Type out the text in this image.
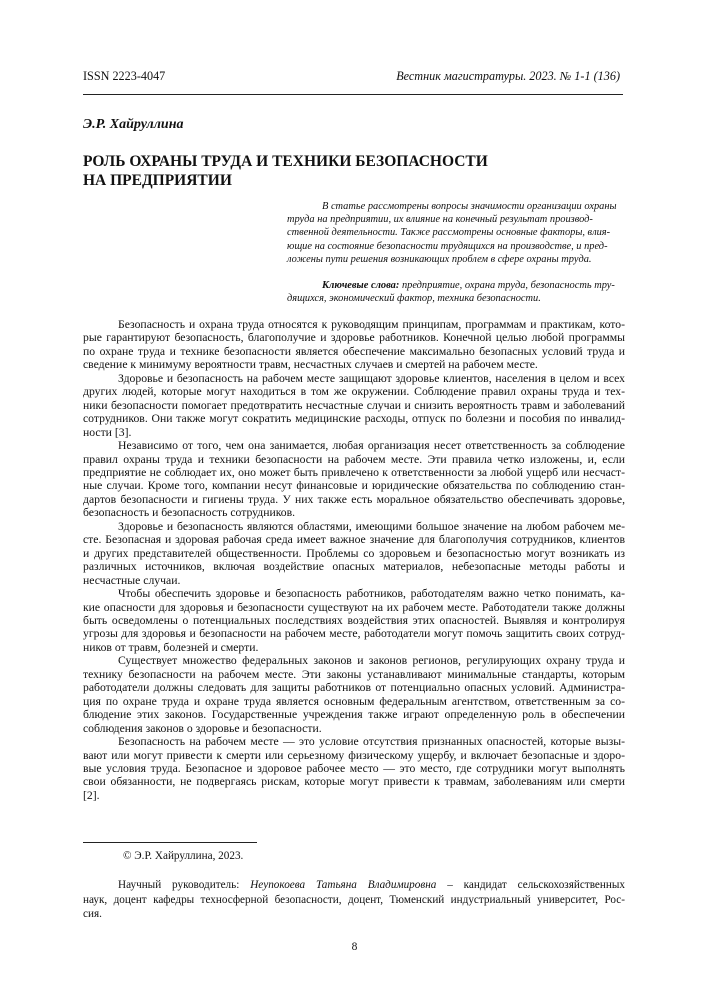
ISSN 2223-4047	Вестник магистратуры. 2023. № 1-1 (136)
Э.Р. Хайруллина
РОЛЬ ОХРАНЫ ТРУДА И ТЕХНИКИ БЕЗОПАСНОСТИ
НА ПРЕДПРИЯТИИ

В статье рассмотрены вопросы значимости организации охраны
труда на предприятии, их влияние на конечный результат производ-
ственной деятельности. Также рассмотрены основные факторы, влия-
ющие на состояние безопасности трудящихся на производстве, и пред-
ложены пути решения возникающих проблем в сфере охраны труда.

Ключевые слова: предприятие, охрана труда, безопасность тру-
дящихся, экономический фактор, техника безопасности.

Безопасность и охрана труда относятся к руководящим принципам, программам и практикам, кото-
рые гарантируют безопасность, благополучие и здоровье работников. Конечной целью любой программы
по охране труда и технике безопасности является обеспечение максимально безопасных условий труда и
сведение к минимуму вероятности травм, несчастных случаев и смертей на рабочем месте.

Здоровье и безопасность на рабочем месте защищают здоровье клиентов, населения в целом и всех
других людей, которые могут находиться в том же окружении. Соблюдение правил охраны труда и тех-
ники безопасности помогает предотвратить несчастные случаи и снизить вероятность травм и заболеваний
сотрудников. Они также могут сократить медицинские расходы, отпуск по болезни и пособия по инвалид-
ности [3].

Независимо от того, чем она занимается, любая организация несет ответственность за соблюдение
правил охраны труда и техники безопасности на рабочем месте. Эти правила четко изложены, и, если
предприятие не соблюдает их, оно может быть привлечено к ответственности за любой ущерб или несчаст-
ные случаи. Кроме того, компании несут финансовые и юридические обязательства по соблюдению стан-
дартов безопасности и гигиены труда. У них также есть моральное обязательство обеспечивать здоровье,
безопасность и безопасность сотрудников.

Здоровье и безопасность являются областями, имеющими большое значение на любом рабочем ме-
сте. Безопасная и здоровая рабочая среда имеет важное значение для благополучия сотрудников, клиентов
и других представителей общественности. Проблемы со здоровьем и безопасностью могут возникать из
различных источников, включая воздействие опасных материалов, небезопасные методы работы и
несчастные случаи.

Чтобы обеспечить здоровье и безопасность работников, работодателям важно четко понимать, ка-
кие опасности для здоровья и безопасности существуют на их рабочем месте. Работодатели также должны
быть осведомлены о потенциальных последствиях воздействия этих опасностей. Выявляя и контролируя
угрозы для здоровья и безопасности на рабочем месте, работодатели могут помочь защитить своих сотруд-
ников от травм, болезней и смерти.

Существует множество федеральных законов и законов регионов, регулирующих охрану труда и
технику безопасности на рабочем месте. Эти законы устанавливают минимальные стандарты, которым
работодатели должны следовать для защиты работников от потенциально опасных условий. Администра-
ция по охране труда и охране труда является основным федеральным агентством, ответственным за со-
блюдение этих законов. Государственные учреждения также играют определенную роль в обеспечении
соблюдения законов о здоровье и безопасности.

Безопасность на рабочем месте — это условие отсутствия признанных опасностей, которые вызы-
вают или могут привести к смерти или серьезному физическому ущербу, и включает безопасные и здоро-
вые условия труда. Безопасное и здоровое рабочее место — это место, где сотрудники могут выполнять
свои обязанности, не подвергаясь рискам, которые могут привести к травмам, заболеваниям или смерти
[2].

© Э.Р. Хайруллина, 2023.

Научный руководитель: Неупокоева Татьяна Владимировна – кандидат сельскохозяйственных
наук, доцент кафедры техносферной безопасности, доцент, Тюменский индустриальный университет, Рос-
сия.

8
